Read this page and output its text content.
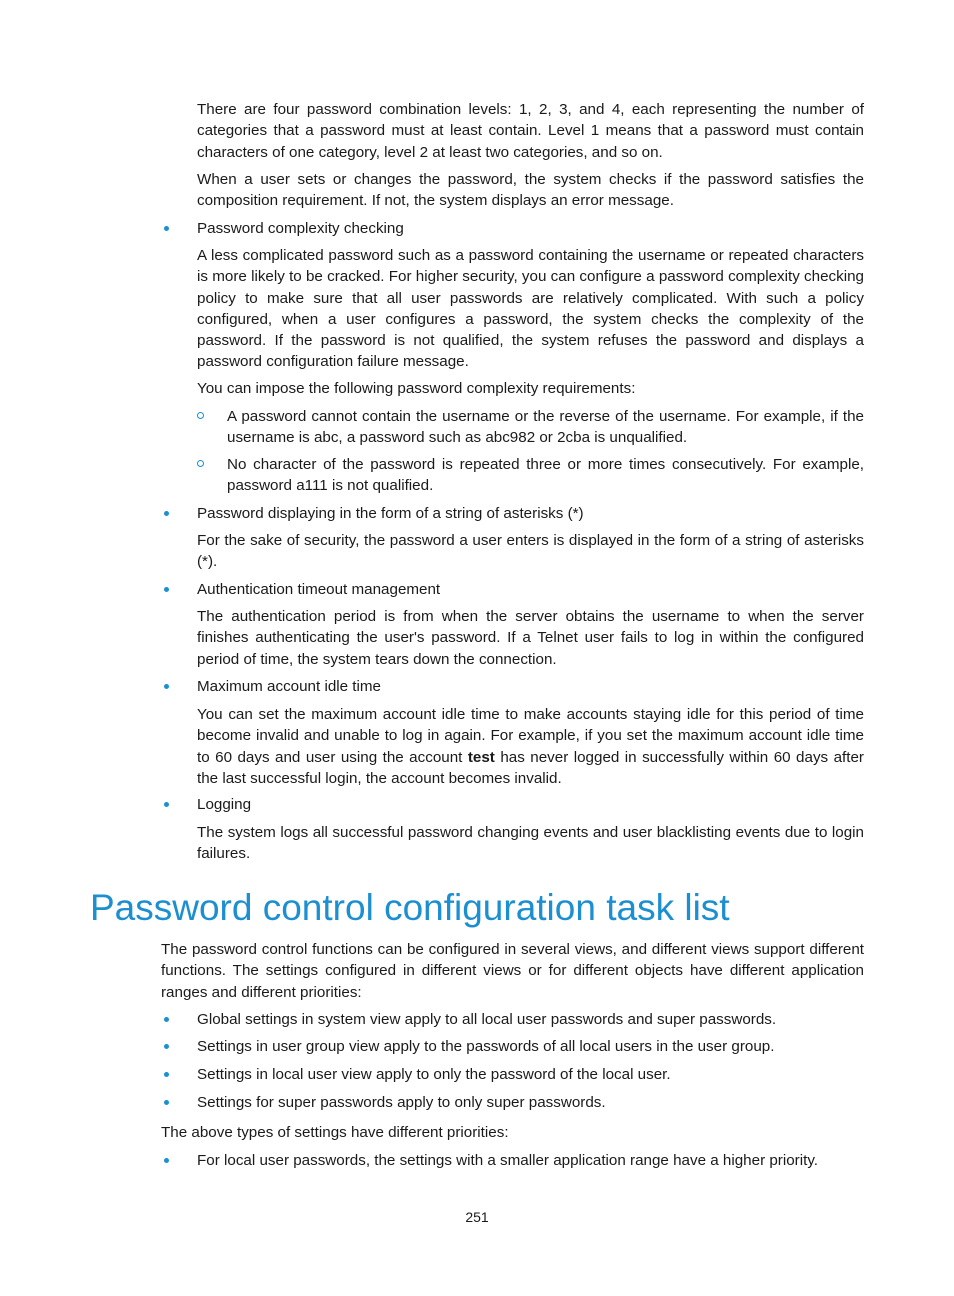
There are four password combination levels: 1, 2, 3, and 4, each representing the number of categories that a password must at least contain. Level 1 means that a password must contain characters of one category, level 2 at least two categories, and so on.

When a user sets or changes the password, the system checks if the password satisfies the composition requirement. If not, the system displays an error message.

Password complexity checking

A less complicated password such as a password containing the username or repeated characters is more likely to be cracked. For higher security, you can configure a password complexity checking policy to make sure that all user passwords are relatively complicated. With such a policy configured, when a user configures a password, the system checks the complexity of the password. If the password is not qualified, the system refuses the password and displays a password configuration failure message.

You can impose the following password complexity requirements:

A password cannot contain the username or the reverse of the username. For example, if the username is abc, a password such as abc982 or 2cba is unqualified.
No character of the password is repeated three or more times consecutively. For example, password a111 is not qualified.
Password displaying in the form of a string of asterisks (*)

For the sake of security, the password a user enters is displayed in the form of a string of asterisks (*).

Authentication timeout management

The authentication period is from when the server obtains the username to when the server finishes authenticating the user's password. If a Telnet user fails to log in within the configured period of time, the system tears down the connection.

Maximum account idle time

You can set the maximum account idle time to make accounts staying idle for this period of time become invalid and unable to log in again. For example, if you set the maximum account idle time to 60 days and user using the account test has never logged in successfully within 60 days after the last successful login, the account becomes invalid.

Logging

The system logs all successful password changing events and user blacklisting events due to login failures.

Password control configuration task list

The password control functions can be configured in several views, and different views support different functions. The settings configured in different views or for different objects have different application ranges and different priorities:

Global settings in system view apply to all local user passwords and super passwords.
Settings in user group view apply to the passwords of all local users in the user group.
Settings in local user view apply to only the password of the local user.
Settings for super passwords apply to only super passwords.

The above types of settings have different priorities:

For local user passwords, the settings with a smaller application range have a higher priority.
251
